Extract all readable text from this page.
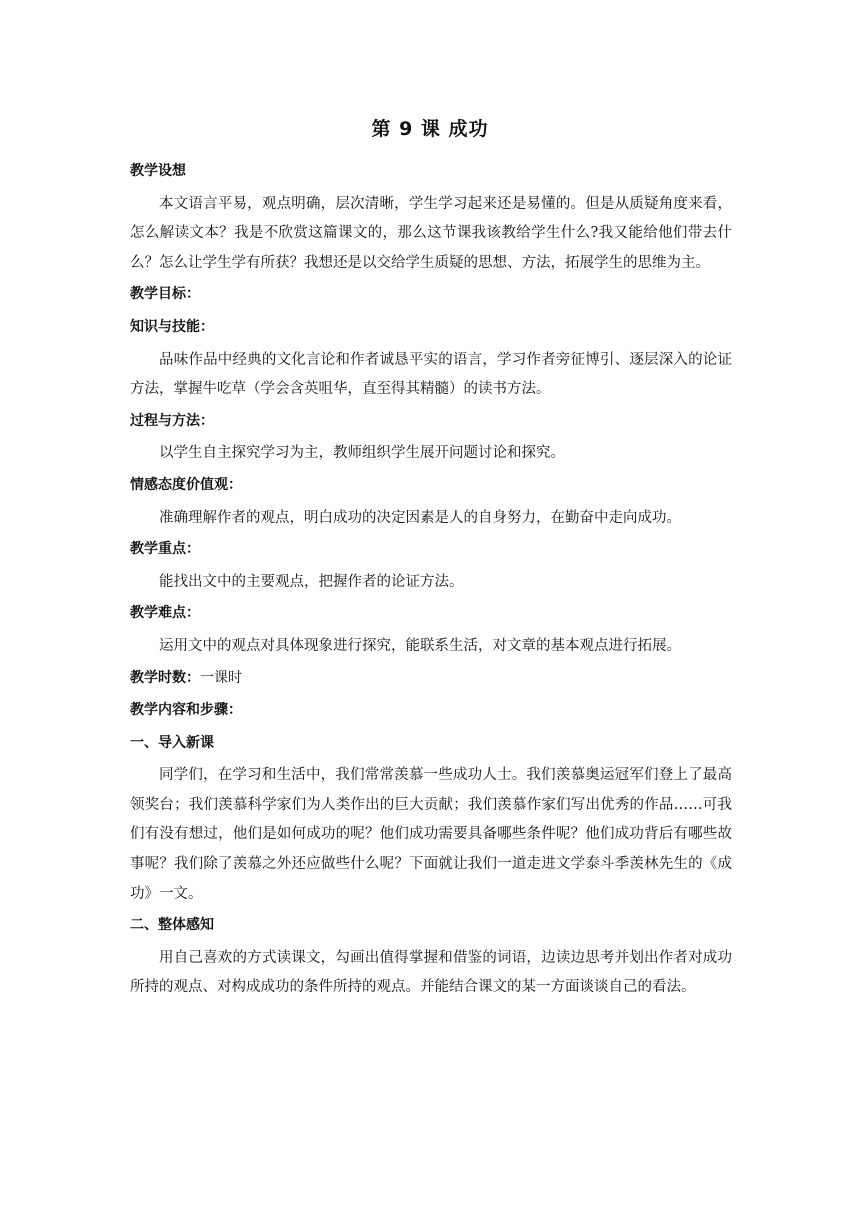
第 9 课 成功
教学设想
本文语言平易，观点明确，层次清晰，学生学习起来还是易懂的。但是从质疑角度来看，怎么解读文本？我是不欣赏这篇课文的，那么这节课我该教给学生什么?我又能给他们带去什么？怎么让学生学有所获？我想还是以交给学生质疑的思想、方法，拓展学生的思维为主。
教学目标：
知识与技能：
品味作品中经典的文化言论和作者诚恳平实的语言，学习作者旁征博引、逐层深入的论证方法，掌握牛吃草（学会含英咀华，直至得其精髓）的读书方法。
过程与方法：
以学生自主探究学习为主，教师组织学生展开问题讨论和探究。
情感态度价值观：
准确理解作者的观点，明白成功的决定因素是人的自身努力，在勤奋中走向成功。
教学重点：
能找出文中的主要观点，把握作者的论证方法。
教学难点：
运用文中的观点对具体现象进行探究，能联系生活，对文章的基本观点进行拓展。
教学时数：一课时
教学内容和步骤：
一、导入新课
同学们，在学习和生活中，我们常常羡慕一些成功人士。我们羡慕奥运冠军们登上了最高领奖台；我们羡慕科学家们为人类作出的巨大贡献；我们羡慕作家们写出优秀的作品……可我们有没有想过，他们是如何成功的呢？他们成功需要具备哪些条件呢？他们成功背后有哪些故事呢？我们除了羡慕之外还应做些什么呢？下面就让我们一道走进文学泰斗季羡林先生的《成功》一文。
二、整体感知
用自己喜欢的方式读课文，勾画出值得掌握和借鉴的词语，边读边思考并划出作者对成功所持的观点、对构成成功的条件所持的观点。并能结合课文的某一方面谈谈自己的看法。
